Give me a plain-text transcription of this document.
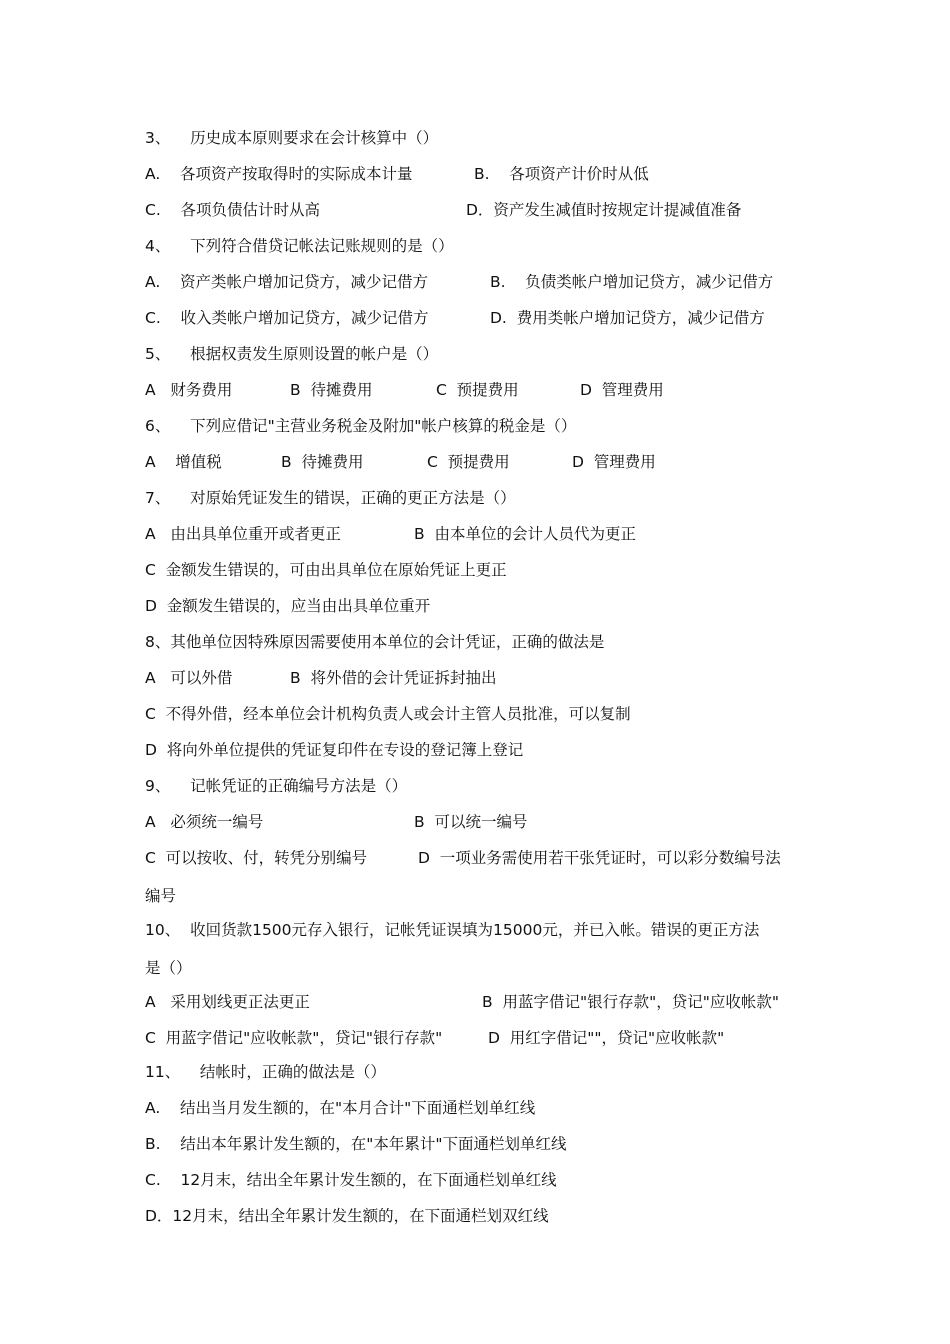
3、    历史成本原则要求在会计核算中（）
A.    各项资产按取得时的实际成本计量	B.    各项资产计价时从低
C.    各项负债估计时从高	D．资产发生减值时按规定计提减值准备
4、    下列符合借贷记帐法记账规则的是（）
A.    资产类帐户增加记贷方，减少记借方	B.    负债类帐户增加记贷方，减少记借方
C.    收入类帐户增加记贷方，减少记借方	D.  费用类帐户增加记贷方，减少记借方
5、    根据权责发生原则设置的帐户是（）
A   财务费用	B  待摊费用	C  预提费用	D  管理费用
6、    下列应借记"主营业务税金及附加"帐户核算的税金是（）
A    增值税	B  待摊费用	C  预提费用	D  管理费用
7、    对原始凭证发生的错误，正确的更正方法是（）
A   由出具单位重开或者更正	B  由本单位的会计人员代为更正
C  金额发生错误的，可由出具单位在原始凭证上更正
D  金额发生错误的，应当由出具单位重开
8、其他单位因特殊原因需要使用本单位的会计凭证，正确的做法是
A   可以外借	B  将外借的会计凭证拆封抽出
C  不得外借，经本单位会计机构负责人或会计主管人员批准，可以复制
D  将向外单位提供的凭证复印件在专设的登记簿上登记
9、    记帐凭证的正确编号方法是（）
A   必须统一编号	B  可以统一编号
C  可以按收、付，转凭分别编号	D  一项业务需使用若干张凭证时，可以彩分数编号法
编号
10、  收回货款1500元存入银行，记帐凭证误填为15000元，并已入帐。错误的更正方法
是（）
A   采用划线更正法更正	B  用蓝字借记"银行存款"，贷记"应收帐款"
C  用蓝字借记"应收帐款"，贷记"银行存款"	D  用红字借记""，贷记"应收帐款"
11、    结帐时，正确的做法是（）
A.    结出当月发生额的，在"本月合计"下面通栏划单红线
B.    结出本年累计发生额的，在"本年累计"下面通栏划单红线
C.    12月末，结出全年累计发生额的，在下面通栏划单红线
D．12月末，结出全年累计发生额的，在下面通栏划双红线
